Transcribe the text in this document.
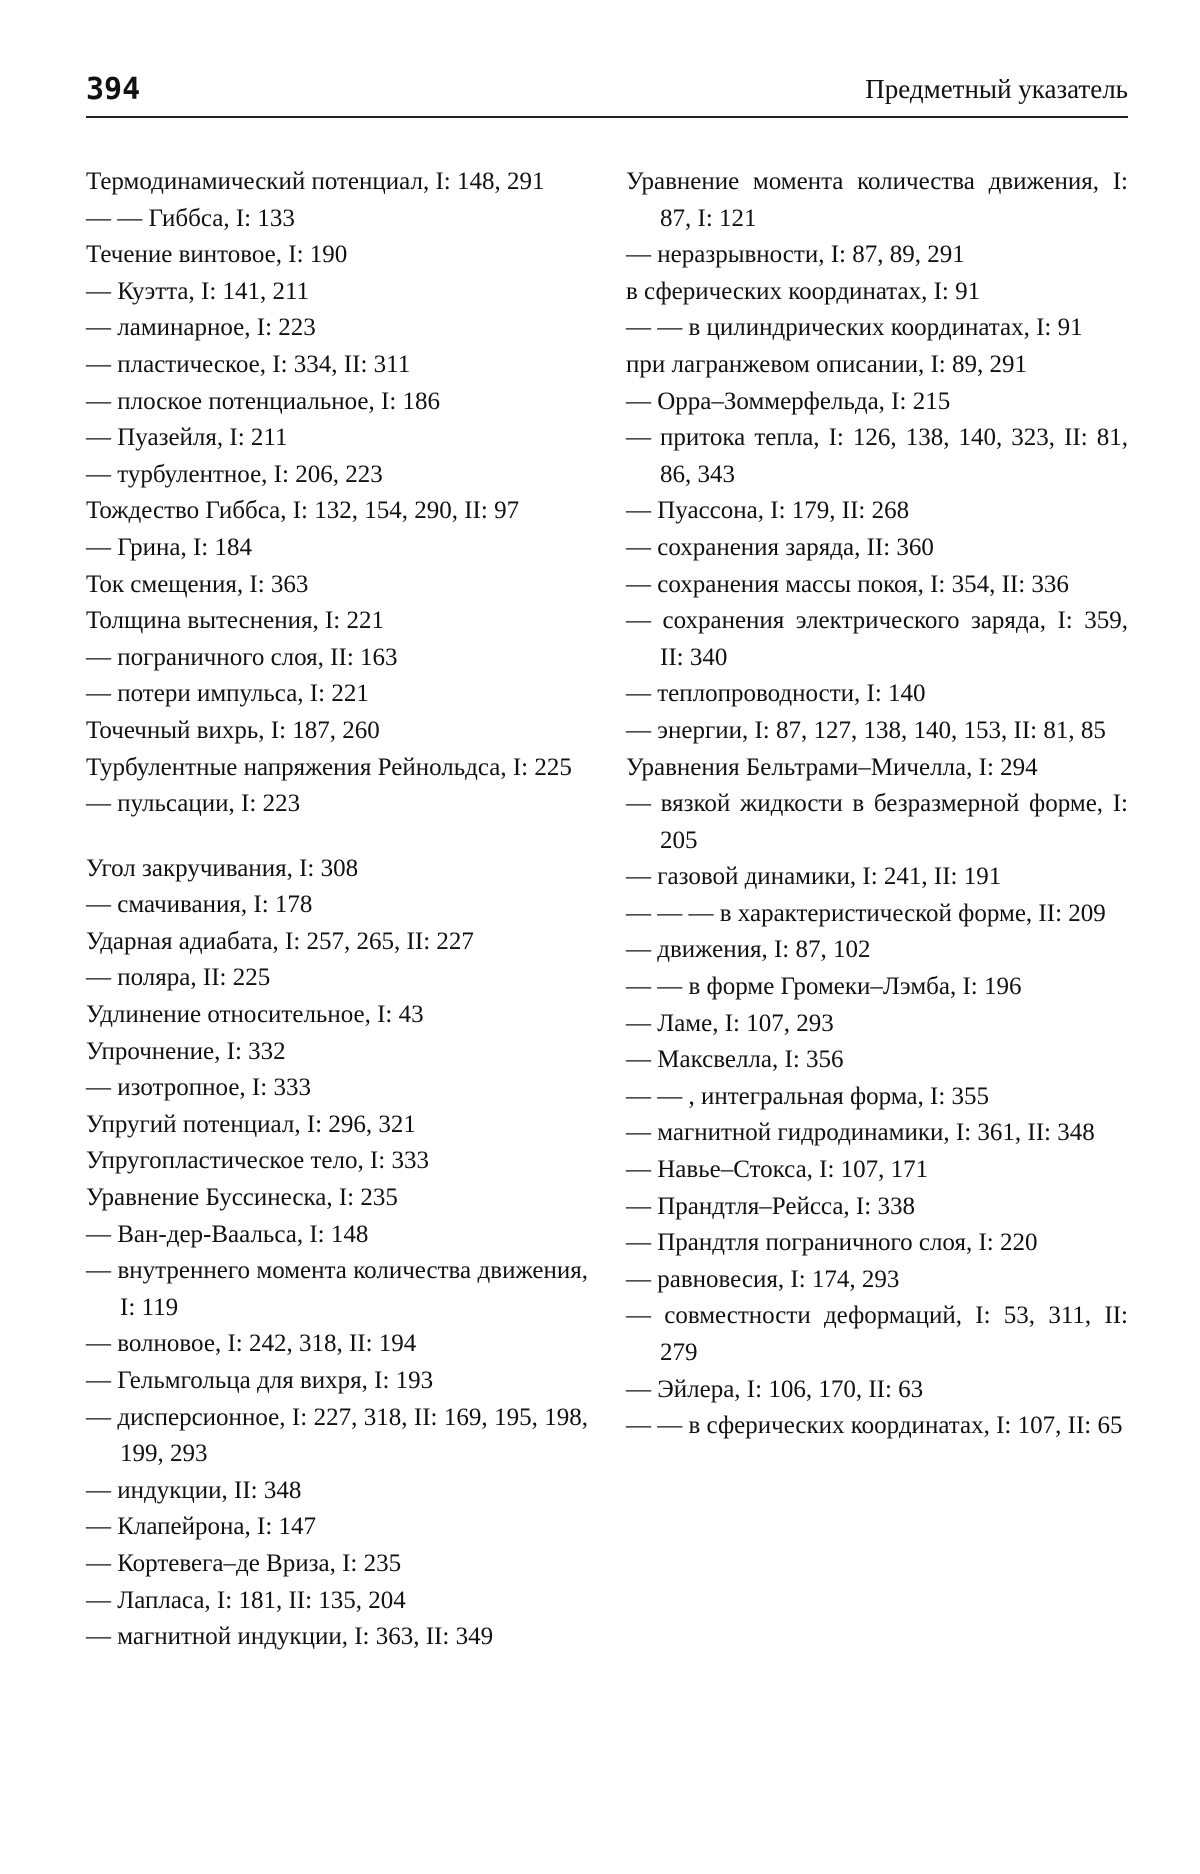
394	Предметный указатель

Термодинамический потенциал, I: 148, 291

— — Гиббса, I: 133

Течение винтовое, I: 190

— Куэтта, I: 141, 211

— ламинарное, I: 223

— пластическое, I: 334, II: 311

— плоское потенциальное, I: 186

— Пуазейля, I: 211

— турбулентное, I: 206, 223

Тождество Гиббса, I: 132, 154, 290, II: 97

— Грина, I: 184

Ток смещения, I: 363

Толщина вытеснения, I: 221

— пограничного слоя, II: 163

— потери импульса, I: 221

Точечный вихрь, I: 187, 260

Турбулентные напряжения Рейнольдса, I: 225

— пульсации, I: 223

Угол закручивания, I: 308

— смачивания, I: 178

Ударная адиабата, I: 257, 265, II: 227

— поляра, II: 225

Удлинение относительное, I: 43

Упрочнение, I: 332

— изотропное, I: 333

Упругий потенциал, I: 296, 321

Упругопластическое тело, I: 333

Уравнение Буссинеска, I: 235

— Ван-дер-Ваальса, I: 148

— внутреннего момента количества движения, I: 119

— волновое, I: 242, 318, II: 194

— Гельмгольца для вихря, I: 193

— дисперсионное, I: 227, 318, II: 169, 195, 198, 199, 293

— индукции, II: 348

— Клапейрона, I: 147

— Кортевега–де Вриза, I: 235

— Лапласа, I: 181, II: 135, 204

— магнитной индукции, I: 363, II: 349

Уравнение момента количества движения, I: 87, I: 121

— неразрывности, I: 87, 89, 291

в сферических координатах, I: 91

— — в цилиндрических координатах, I: 91

при лагранжевом описании, I: 89, 291

— Орра–Зоммерфельда, I: 215

— притока тепла, I: 126, 138, 140, 323, II: 81, 86, 343

— Пуассона, I: 179, II: 268

— сохранения заряда, II: 360

— сохранения массы покоя, I: 354, II: 336

— сохранения электрического заряда, I: 359, II: 340

— теплопроводности, I: 140

— энергии, I: 87, 127, 138, 140, 153, II: 81, 85

Уравнения Бельтрами–Мичелла, I: 294

— вязкой жидкости в безразмерной форме, I: 205

— газовой динамики, I: 241, II: 191

— — — в характеристической форме, II: 209

— движения, I: 87, 102

— — в форме Громеки–Лэмба, I: 196

— Ламе, I: 107, 293

— Максвелла, I: 356

— — , интегральная форма, I: 355

— магнитной гидродинамики, I: 361, II: 348

— Навье–Стокса, I: 107, 171

— Прандтля–Рейсса, I: 338

— Прандтля пограничного слоя, I: 220

— равновесия, I: 174, 293

— совместности деформаций, I: 53, 311, II: 279

— Эйлера, I: 106, 170, II: 63

— — в сферических координатах, I: 107, II: 65
